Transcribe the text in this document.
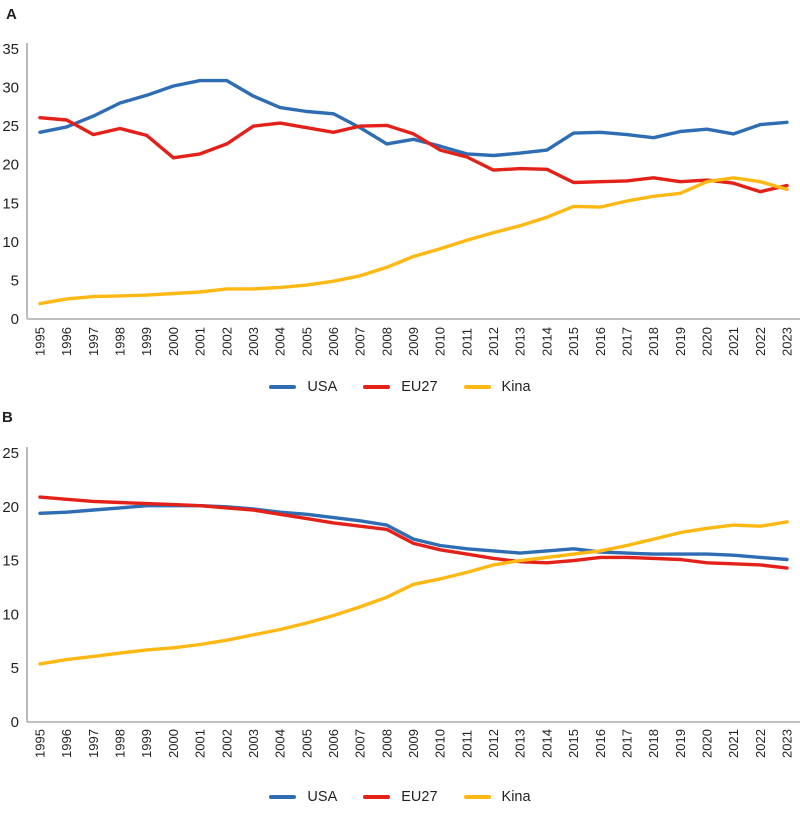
A
0
5
10
15
20
25
30
35
1995 1996 1997 1998 1999 2000 2001 2002 2003 2004 2005 2006 2007 2008 2009 2010 2011 2012 2013 2014 2015 2016 2017 2018 2019 2020 2021 2022 2023
USA	EU27	Kina
B
0
5
10
15
20
25
1995 1996 1997 1998 1999 2000 2001 2002 2003 2004 2005 2006 2007 2008 2009 2010 2011 2012 2013 2014 2015 2016 2017 2018 2019 2020 2021 2022 2023
USA	EU27	Kina
